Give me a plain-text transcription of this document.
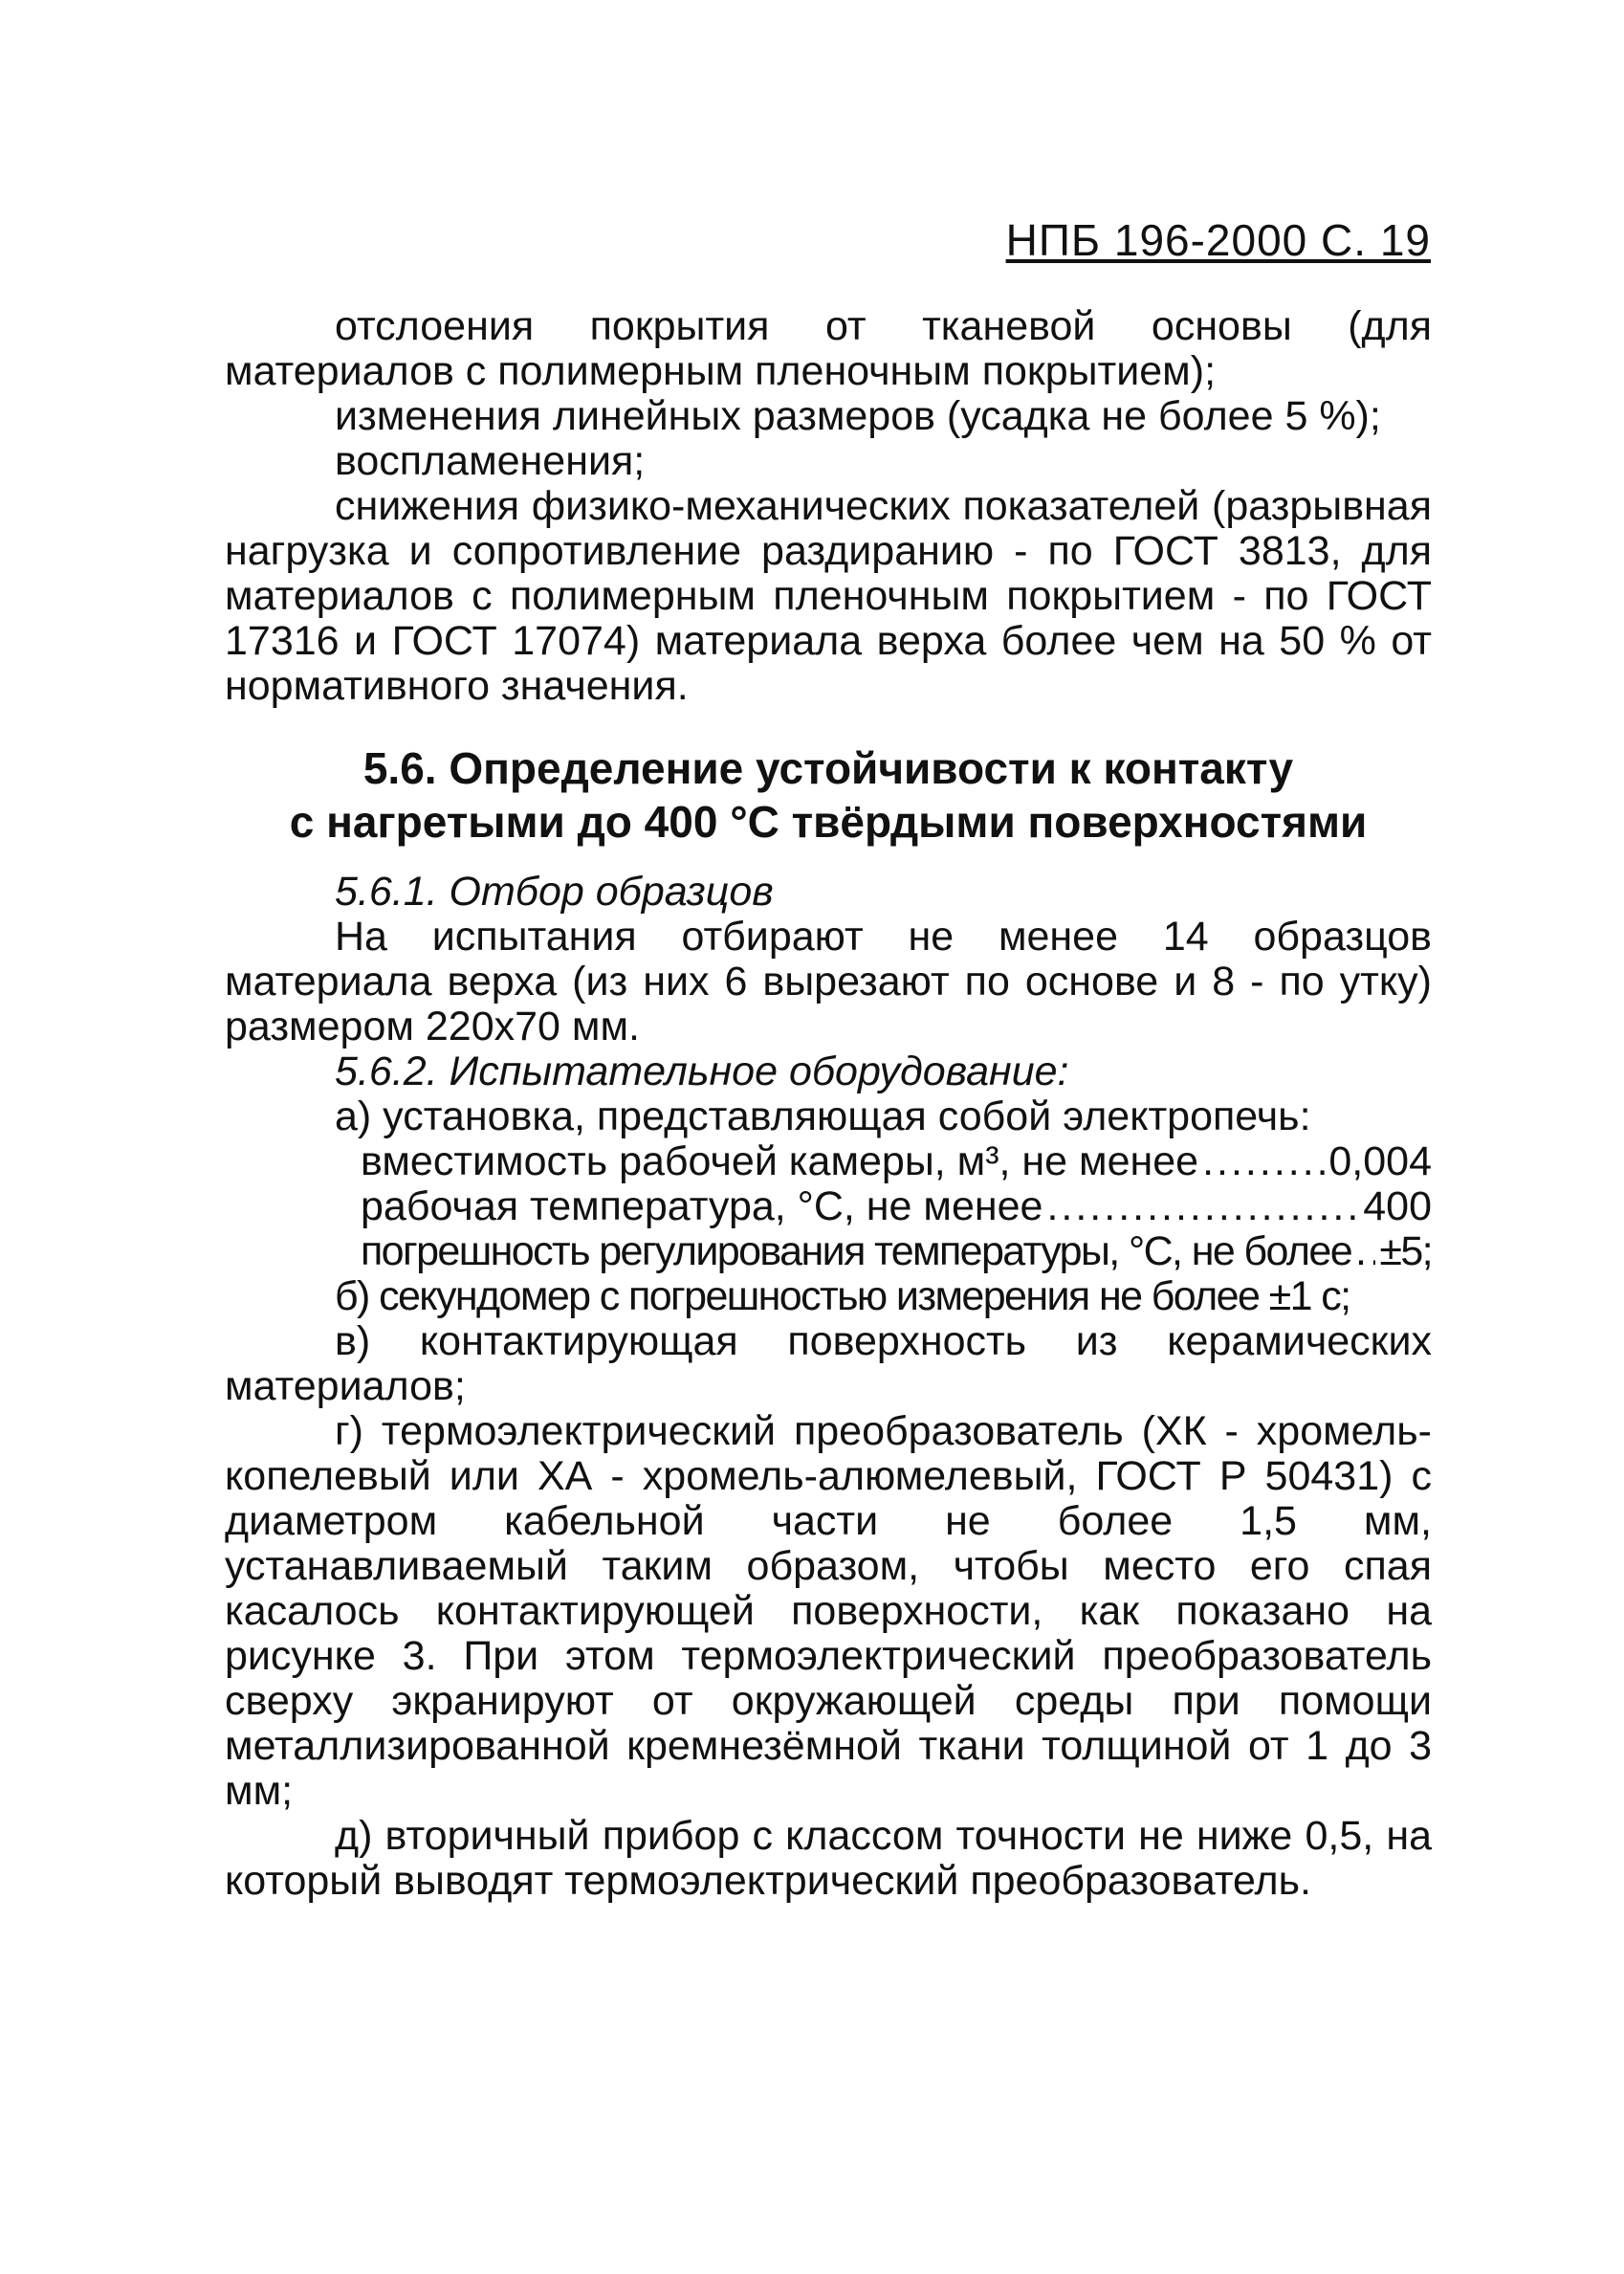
НПБ 196-2000 С. 19

отслоения покрытия от тканевой основы (для материалов с полимерным пленочным покрытием);

изменения линейных размеров (усадка не более 5 %);

воспламенения;

снижения физико-механических показателей (разрывная нагрузка и сопротивление раздиранию - по ГОСТ 3813, для материалов с полимерным пленочным покрытием - по ГОСТ 17316 и ГОСТ 17074) материала верха более чем на 50 % от нормативного значения.

5.6. Определение устойчивости к контакту
с нагретыми до 400 °С твёрдыми поверхностями

5.6.1. Отбор образцов

На испытания отбирают не менее 14 образцов материала верха (из них 6 вырезают по основе и 8 - по утку) размером 220х70 мм.

5.6.2. Испытательное оборудование:

а) установка, представляющая собой электропечь:

вместимость рабочей камеры, м³, не менее .....	0,004
рабочая температура, °С, не менее .....	400
погрешность регулирования температуры, °С, не более ..... ±5;

б) секундомер с погрешностью измерения не более ±1 с;

в) контактирующая поверхность из керамических материалов;

г) термоэлектрический преобразователь (ХК - хромель-копелевый или ХА - хромель-алюмелевый, ГОСТ Р 50431) с диаметром кабельной части не более 1,5 мм, устанавливаемый таким образом, чтобы место его спая касалось контактирующей поверхности, как показано на рисунке 3. При этом термоэлектрический преобразователь сверху экранируют от окружающей среды при помощи металлизированной кремнезёмной ткани толщиной от 1 до 3 мм;

д) вторичный прибор с классом точности не ниже 0,5, на который выводят термоэлектрический преобразователь.
